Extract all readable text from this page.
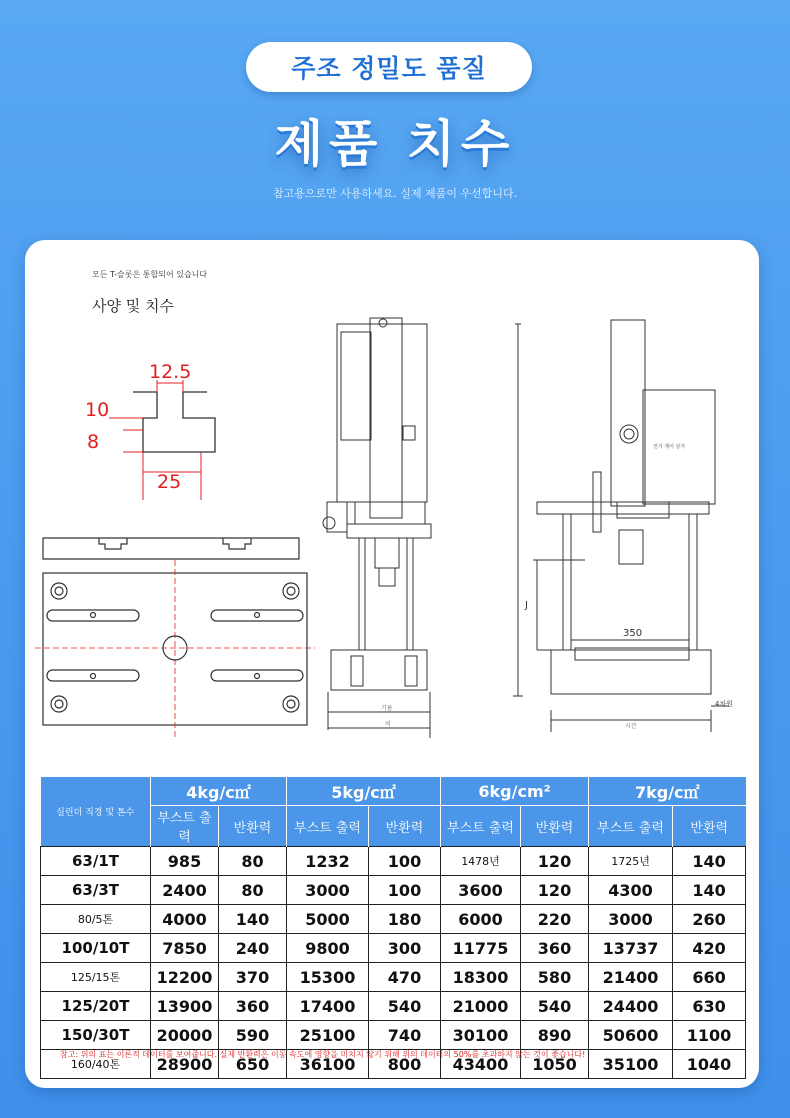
주조 정밀도 품질
제품 치수
참고용으로만 사용하세요. 실제 제품이 우선합니다.
모든 T-슬롯은 통합되어 있습니다
사양 및 치수
12.5
10
8
25
기름
비
350
J
전기 제어 상자
4차원
시간
실린더 직경 및 톤수	4kg/c㎡		5kg/c㎡		6kg/cm²		7kg/c㎡	
	부스트 출력	반환력	부스트 출력	반환력	부스트 출력	반환력	부스트 출력	반환력
63/1T	985	80	1232	100	1478년	120	1725년	140
63/3T	2400	80	3000	100	3600	120	4300	140
80/5톤	4000	140	5000	180	6000	220	3000	260
100/10T	7850	240	9800	300	11775	360	13737	420
125/15톤	12200	370	15300	470	18300	580	21400	660
125/20T	13900	360	17400	540	21000	540	24400	630
150/30T	20000	590	25100	740	30100	890	50600	1100
160/40톤	28900	650	36100	800	43400	1050	35100	1040
참고: 위의 표는 이론적 데이터를 보여줍니다. 실제 반환력은 이동 속도에 영향을 미치지 않기 위해 위의 데이터의 50%를 초과하지 않는 것이 좋습니다!
